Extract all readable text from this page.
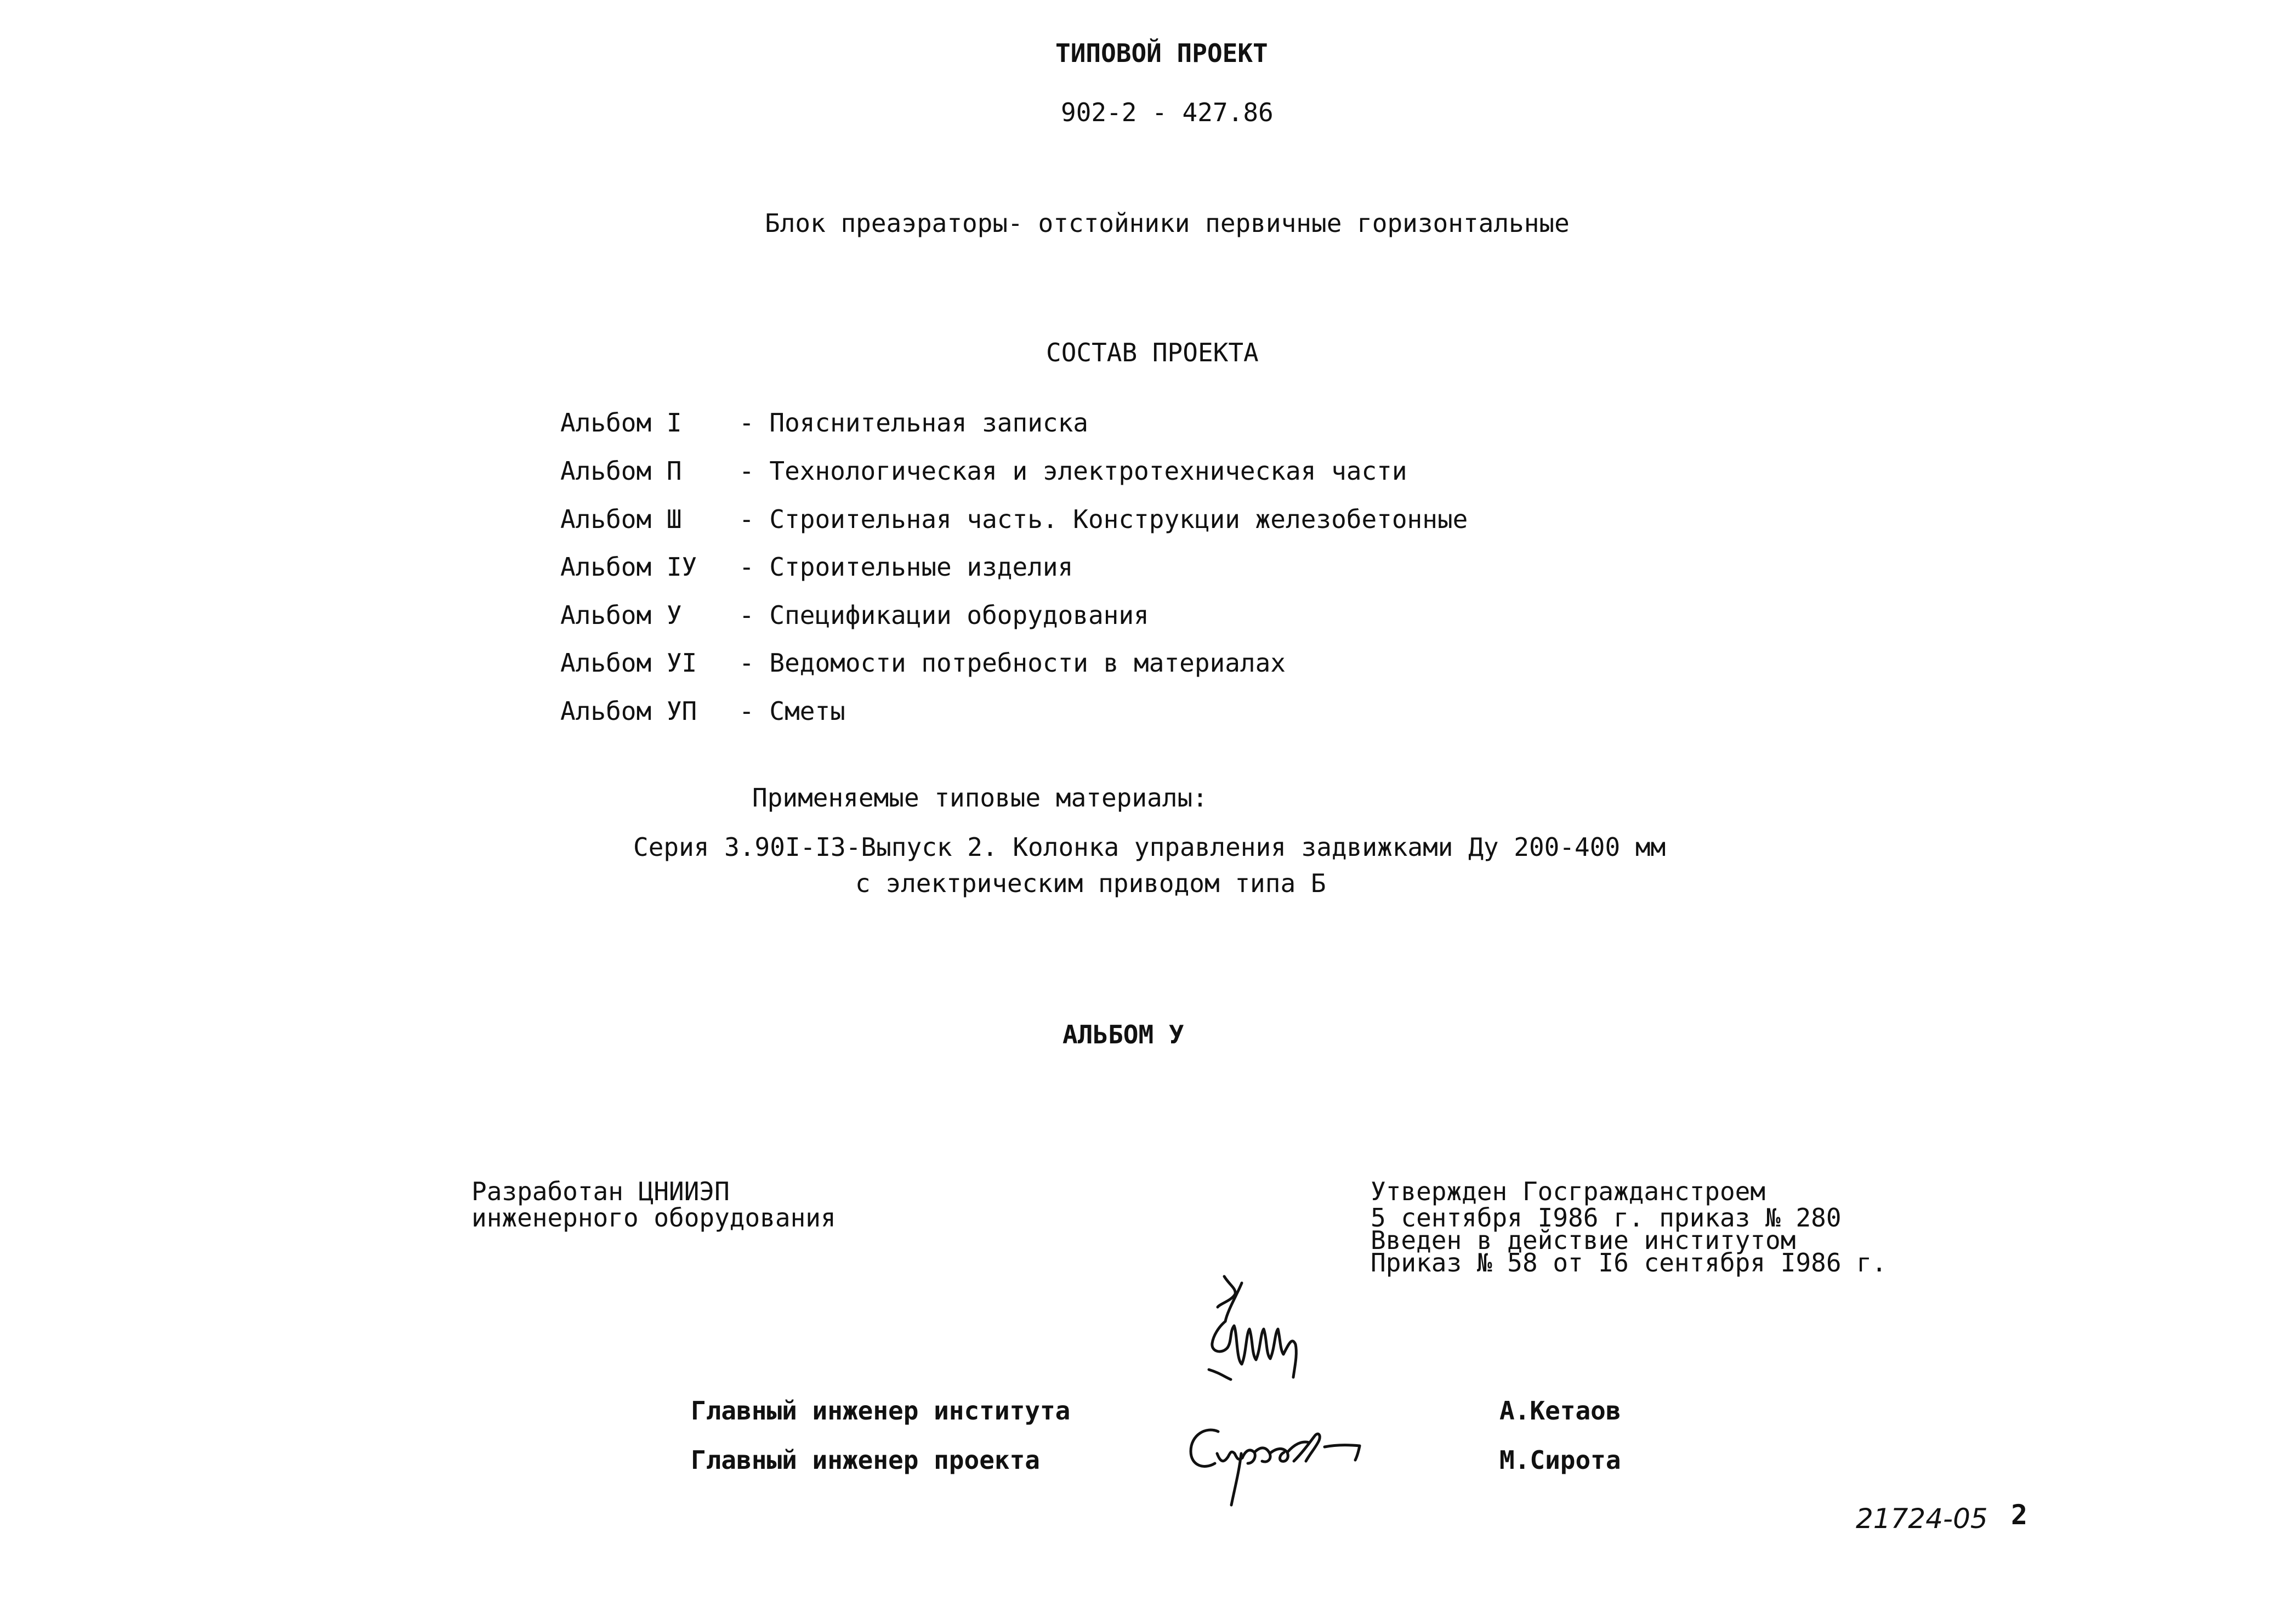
ТИПОВОЙ ПРОЕКТ
902-2 - 427.86
Блок преаэраторы- отстойники первичные горизонтальные
СОСТАВ ПРОЕКТА
Альбом I - Пояснительная записка
Альбом П - Технологическая и электротехническая части
Альбом Ш - Строительная часть. Конструкции железобетонные
Альбом IУ - Строительные изделия
Альбом У - Спецификации оборудования
Альбом УI - Ведомости потребности в материалах
Альбом УП - Сметы
Применяемые типовые материалы:
Серия 3.90I-I3-Выпуск 2. Колонка управления задвижками Ду 200-400 мм
с электрическим приводом типа Б
АЛЬБОМ У
Разработан ЦНИИЭП
инженерного оборудования
Утвержден Госгражданстроем
5 сентября I986 г. приказ № 280
Введен в действие институтом
Приказ № 58 от I6 сентября I986 г.
Главный инженер института	А.Кетаов
Главный инженер проекта	М.Сирота
21724-05 2
